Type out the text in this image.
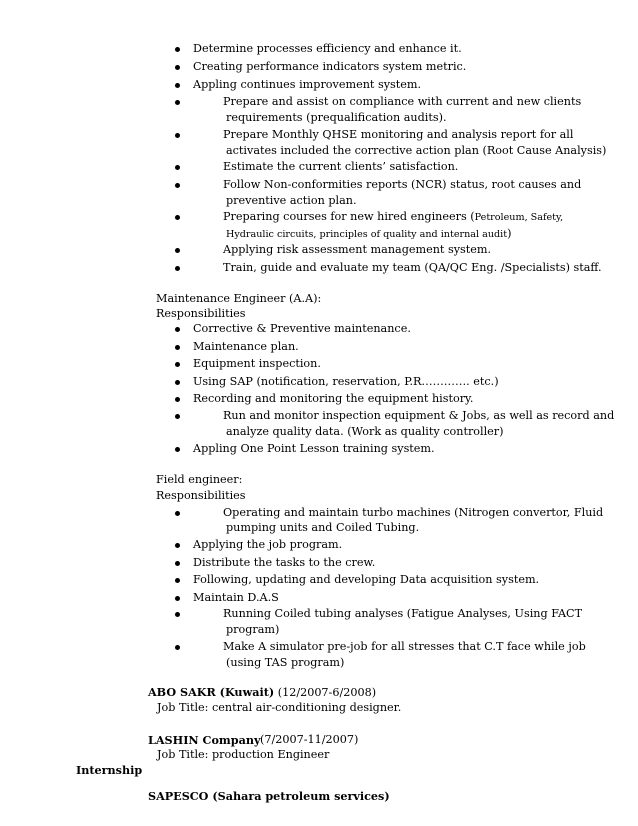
Determine processes efficiency and enhance it.
Creating performance indicators system metric.
Appling continues improvement system.
Prepare and assist on compliance with current and new clients
requirements (prequalification audits).
Prepare Monthly QHSE monitoring and analysis report for all
activates included the corrective action plan (Root Cause Analysis)
Estimate the current clients’ satisfaction.
Follow Non-conformities reports (NCR) status, root causes and
preventive action plan.
Preparing courses for new hired engineers (Petroleum, Safety,
Hydraulic circuits, principles of quality and internal audit)
Applying risk assessment management system.
Train, guide and evaluate my team (QA/QC Eng. /Specialists) staff.
Maintenance Engineer (A.A):
Responsibilities
Corrective & Preventive maintenance.
Maintenance plan.
Equipment inspection.
Using SAP (notification, reservation, P.R…………. etc.)
Recording and monitoring the equipment history.
Run and monitor inspection equipment & Jobs, as well as record and
analyze quality data. (Work as quality controller)
Appling One Point Lesson training system.
Field engineer:
Responsibilities
Operating and maintain turbo machines (Nitrogen convertor, Fluid
pumping units and Coiled Tubing.
Applying the job program.
Distribute the tasks to the crew.
Following, updating and developing Data acquisition system.
Maintain D.A.S
Running Coiled tubing analyses (Fatigue Analyses, Using FACT
program)
Make A simulator pre-job for all stresses that C.T face while job
(using TAS program)
ABO SAKR (Kuwait) (12/2007-6/2008)
Job Title: central air-conditioning designer.
LASHIN Company (7/2007-11/2007)
Job Title: production Engineer
Internship
SAPESCO (Sahara petroleum services)
